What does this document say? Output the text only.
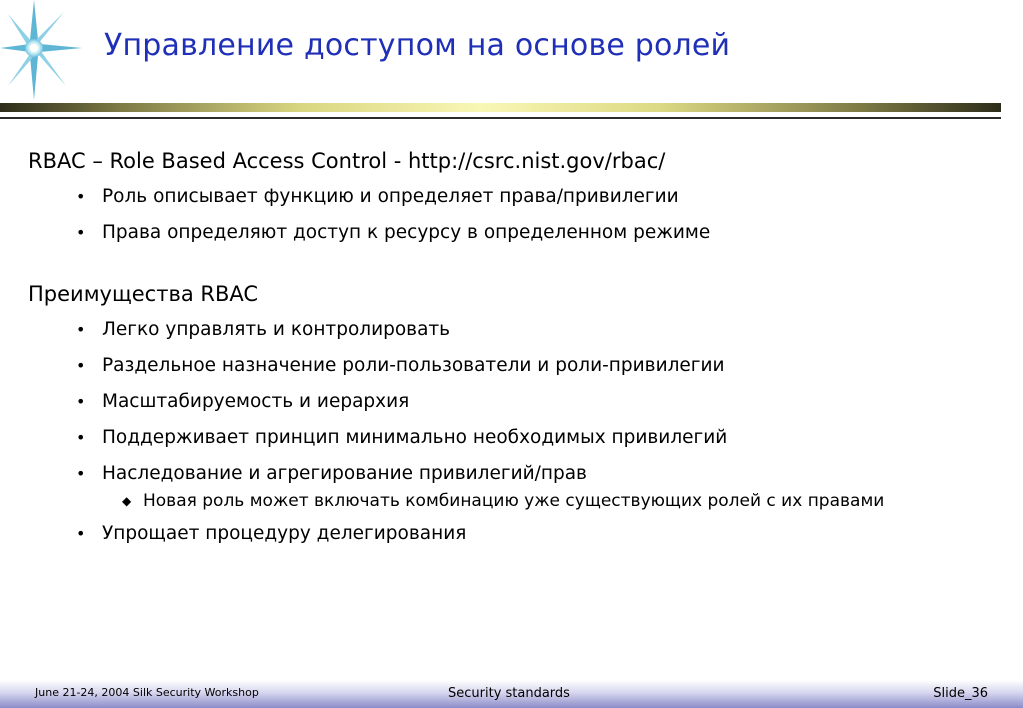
Управление доступом на основе ролей
RBAC – Role Based Access Control - http://csrc.nist.gov/rbac/
• Роль описывает функцию и определяет права/привилегии
• Права определяют доступ к ресурсу в определенном режиме
Преимущества RBAC
• Легко управлять и контролировать
• Раздельное назначение роли-пользователи и роли-привилегии
• Масштабируемость и иерархия
• Поддерживает принцип минимально необходимых привилегий
• Наследование и агрегирование привилегий/прав
◆ Новая роль может включать комбинацию уже существующих ролей с их правами
• Упрощает процедуру делегирования
June 21-24, 2004 Silk Security Workshop	Security standards	Slide_36
